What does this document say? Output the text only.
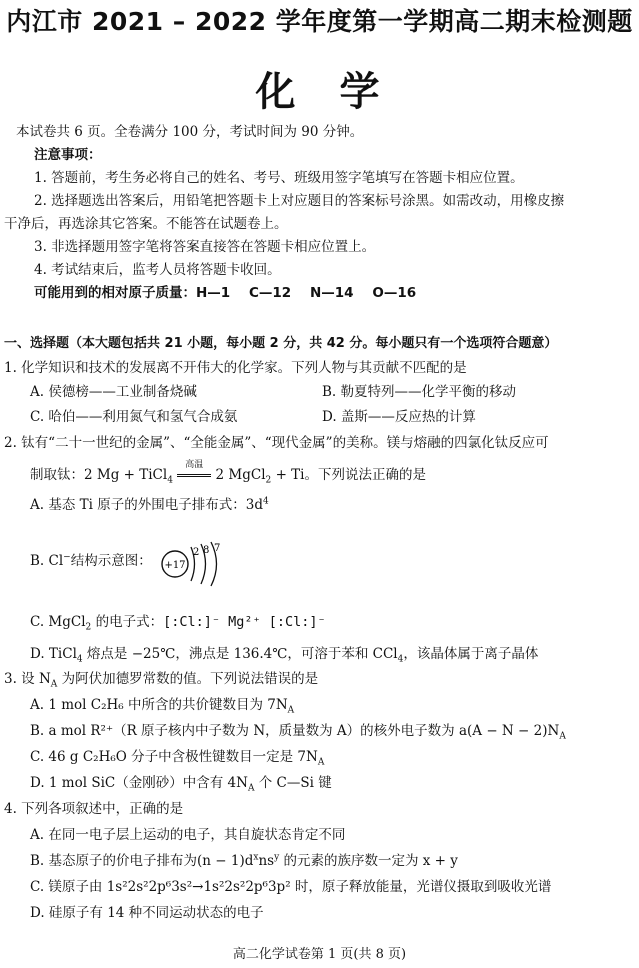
内江市 2021 – 2022 学年度第一学期高二期末检测题
化学
本试卷共 6 页。全卷满分 100 分，考试时间为 90 分钟。
注意事项：
1. 答题前，考生务必将自己的姓名、考号、班级用签字笔填写在答题卡相应位置。
2. 选择题选出答案后，用铅笔把答题卡上对应题目的答案标号涂黑。如需改动，用橡皮擦
干净后，再选涂其它答案。不能答在试题卷上。
3. 非选择题用签字笔将答案直接答在答题卡相应位置上。
4. 考试结束后，监考人员将答题卡收回。
可能用到的相对原子质量：H—1    C—12    N—14    O—16
一、选择题（本大题包括共 21 小题，每小题 2 分，共 42 分。每小题只有一个选项符合题意）
1. 化学知识和技术的发展离不开伟大的化学家。下列人物与其贡献不匹配的是
A. 侯德榜——工业制备烧碱	B. 勒夏特列——化学平衡的移动
C. 哈伯——利用氮气和氢气合成氨	D. 盖斯——反应热的计算
2. 钛有“二十一世纪的金属”、“全能金属”、“现代金属”的美称。镁与熔融的四氯化钛反应可
制取钛：2 Mg + TiCl$_4$
高温
2 MgCl$_2$ + Ti。下列说法正确的是
A. 基态 Ti 原子的外围电子排布式：$3d^4$
B. Cl−结构示意图： +17
2 8 7
C. MgCl$_2$ 的电子式：[:Cl:]⁻ Mg²⁺ [:Cl:]⁻
D. TiCl$_4$ 熔点是 −25℃，沸点是 136.4℃，可溶于苯和 CCl$_4$，该晶体属于离子晶体
3. 设 $N_A$ 为阿伏加德罗常数的值。下列说法错误的是
A. 1 mol C₂H₆ 中所含的共价键数目为 $7N_A$
B. a mol R²⁺（R 原子核内中子数为 N，质量数为 A）的核外电子数为 $a(A - N - 2)N_A$
C. 46 g C₂H₆O 分子中含极性键数目一定是 $7N_A$
D. 1 mol SiC（金刚砂）中含有 $4N_A$ 个 C—Si 键
4. 下列各项叙述中，正确的是
A. 在同一电子层上运动的电子，其自旋状态肯定不同
B. 基态原子的价电子排布为$(n - 1)d^xns^y$ 的元素的族序数一定为 x + y
C. 镁原子由 1s²2s²2p⁶3s²→1s²2s²2p⁶3p² 时，原子释放能量，光谱仪摄取到吸收光谱
D. 硅原子有 14 种不同运动状态的电子
高二化学试卷第 1 页(共 8 页)
